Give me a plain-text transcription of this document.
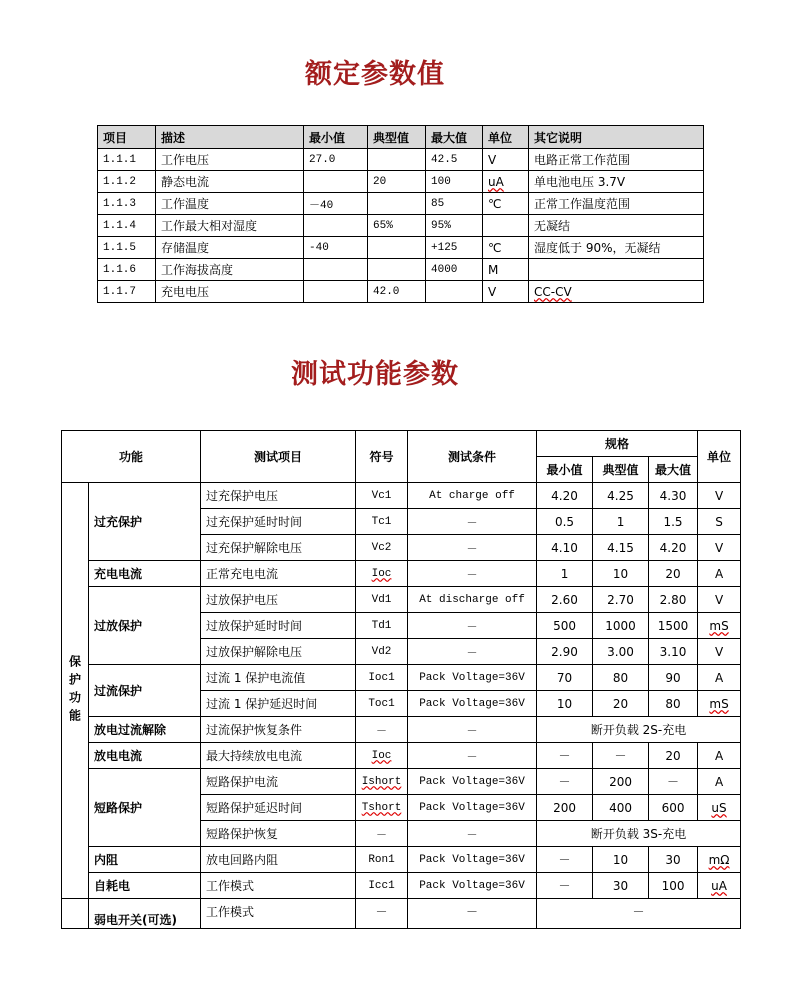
额定参数值
项目	描述	最小值	典型值	最大值	单位	其它说明
1.1.1	工作电压	27.0		42.5	V	电路正常工作范围
1.1.2	静态电流		20	100	uA	单电池电压 3.7V
1.1.3	工作温度	－40		85	℃	正常工作温度范围
1.1.4	工作最大相对湿度		65%	95%		无凝结
1.1.5	存储温度	-40		+125	℃	湿度低于 90%，无凝结
1.1.6	工作海拔高度			4000	M	
1.1.7	充电电压		42.0		V	CC-CV
测试功能参数
功能		测试项目	符号	测试条件	规格			单位
					最小值	典型值	最大值	
保护功能	过充保护	过充保护电压	Vc1	At charge off	4.20	4.25	4.30	V
		过充保护延时时间	Tc1	－	0.5	1	1.5	S
		过充保护解除电压	Vc2	－	4.10	4.15	4.20	V
	充电电流	正常充电电流	Ioc	－	1	10	20	A
	过放保护	过放保护电压	Vd1	At discharge off	2.60	2.70	2.80	V
		过放保护延时时间	Td1	－	500	1000	1500	mS
		过放保护解除电压	Vd2	－	2.90	3.00	3.10	V
	过流保护	过流 1 保护电流值	Ioc1	Pack Voltage=36V	70	80	90	A
		过流 1 保护延迟时间	Toc1	Pack Voltage=36V	10	20	80	mS
	放电过流解除	过流保护恢复条件	－	－	断开负载 2S-充电			
	放电电流	最大持续放电电流	Ioc	－	－	－	20	A
	短路保护	短路保护电流	Ishort	Pack Voltage=36V	－	200	－	A
		短路保护延迟时间	Tshort	Pack Voltage=36V	200	400	600	uS
		短路保护恢复	－	－	断开负载 3S-充电			
	内阻	放电回路内阻	Ron1	Pack Voltage=36V	－	10	30	mΩ
	自耗电	工作模式	Icc1	Pack Voltage=36V	－	30	100	uA
	弱电开关(可选)	工作模式	－	－	－			
